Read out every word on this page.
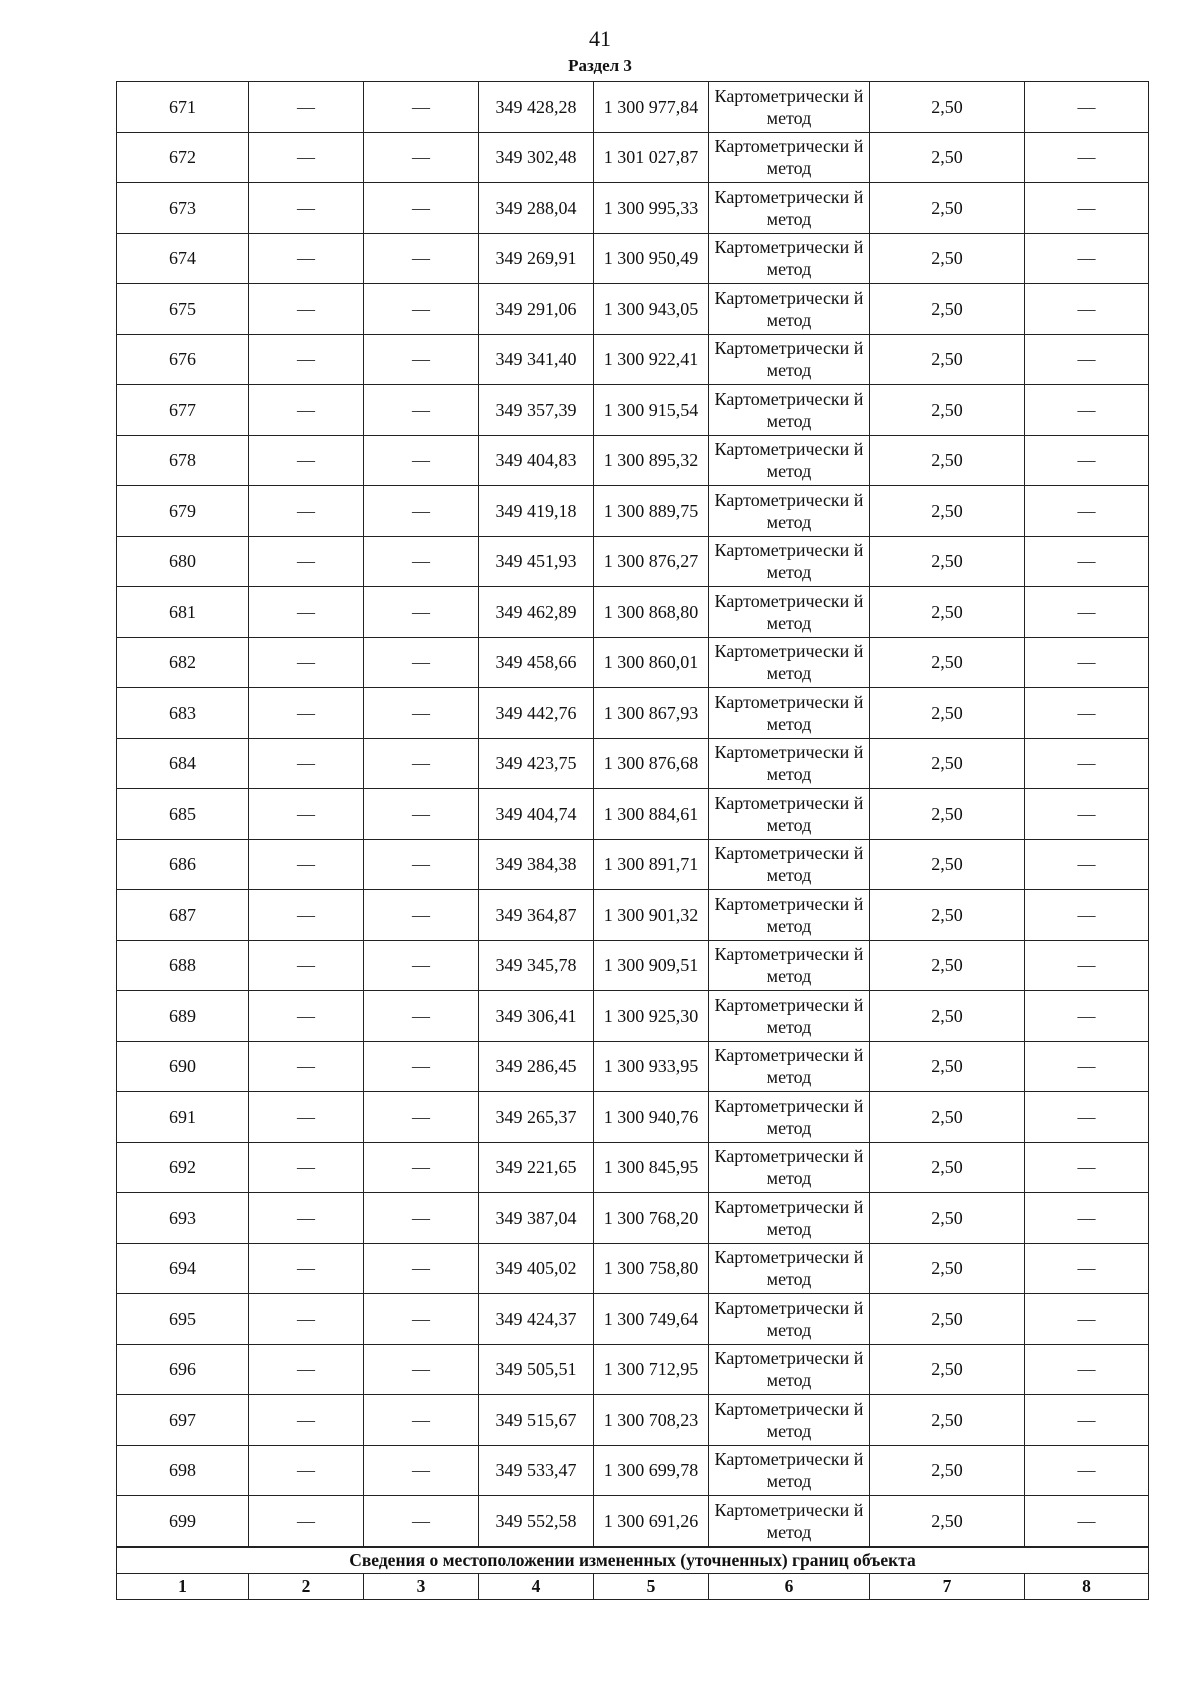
41
Раздел 3
671	—	—	349 428,28	1 300 977,84	Картометрически й метод	2,50	—
672	—	—	349 302,48	1 301 027,87	Картометрически й метод	2,50	—
673	—	—	349 288,04	1 300 995,33	Картометрически й метод	2,50	—
674	—	—	349 269,91	1 300 950,49	Картометрически й метод	2,50	—
675	—	—	349 291,06	1 300 943,05	Картометрически й метод	2,50	—
676	—	—	349 341,40	1 300 922,41	Картометрически й метод	2,50	—
677	—	—	349 357,39	1 300 915,54	Картометрически й метод	2,50	—
678	—	—	349 404,83	1 300 895,32	Картометрически й метод	2,50	—
679	—	—	349 419,18	1 300 889,75	Картометрически й метод	2,50	—
680	—	—	349 451,93	1 300 876,27	Картометрически й метод	2,50	—
681	—	—	349 462,89	1 300 868,80	Картометрически й метод	2,50	—
682	—	—	349 458,66	1 300 860,01	Картометрически й метод	2,50	—
683	—	—	349 442,76	1 300 867,93	Картометрически й метод	2,50	—
684	—	—	349 423,75	1 300 876,68	Картометрически й метод	2,50	—
685	—	—	349 404,74	1 300 884,61	Картометрически й метод	2,50	—
686	—	—	349 384,38	1 300 891,71	Картометрически й метод	2,50	—
687	—	—	349 364,87	1 300 901,32	Картометрически й метод	2,50	—
688	—	—	349 345,78	1 300 909,51	Картометрически й метод	2,50	—
689	—	—	349 306,41	1 300 925,30	Картометрически й метод	2,50	—
690	—	—	349 286,45	1 300 933,95	Картометрически й метод	2,50	—
691	—	—	349 265,37	1 300 940,76	Картометрически й метод	2,50	—
692	—	—	349 221,65	1 300 845,95	Картометрически й метод	2,50	—
693	—	—	349 387,04	1 300 768,20	Картометрически й метод	2,50	—
694	—	—	349 405,02	1 300 758,80	Картометрически й метод	2,50	—
695	—	—	349 424,37	1 300 749,64	Картометрически й метод	2,50	—
696	—	—	349 505,51	1 300 712,95	Картометрически й метод	2,50	—
697	—	—	349 515,67	1 300 708,23	Картометрически й метод	2,50	—
698	—	—	349 533,47	1 300 699,78	Картометрически й метод	2,50	—
699	—	—	349 552,58	1 300 691,26	Картометрически й метод	2,50	—
Сведения о местоположении измененных (уточненных) границ объекта							
1	2	3	4	5	6	7	8
